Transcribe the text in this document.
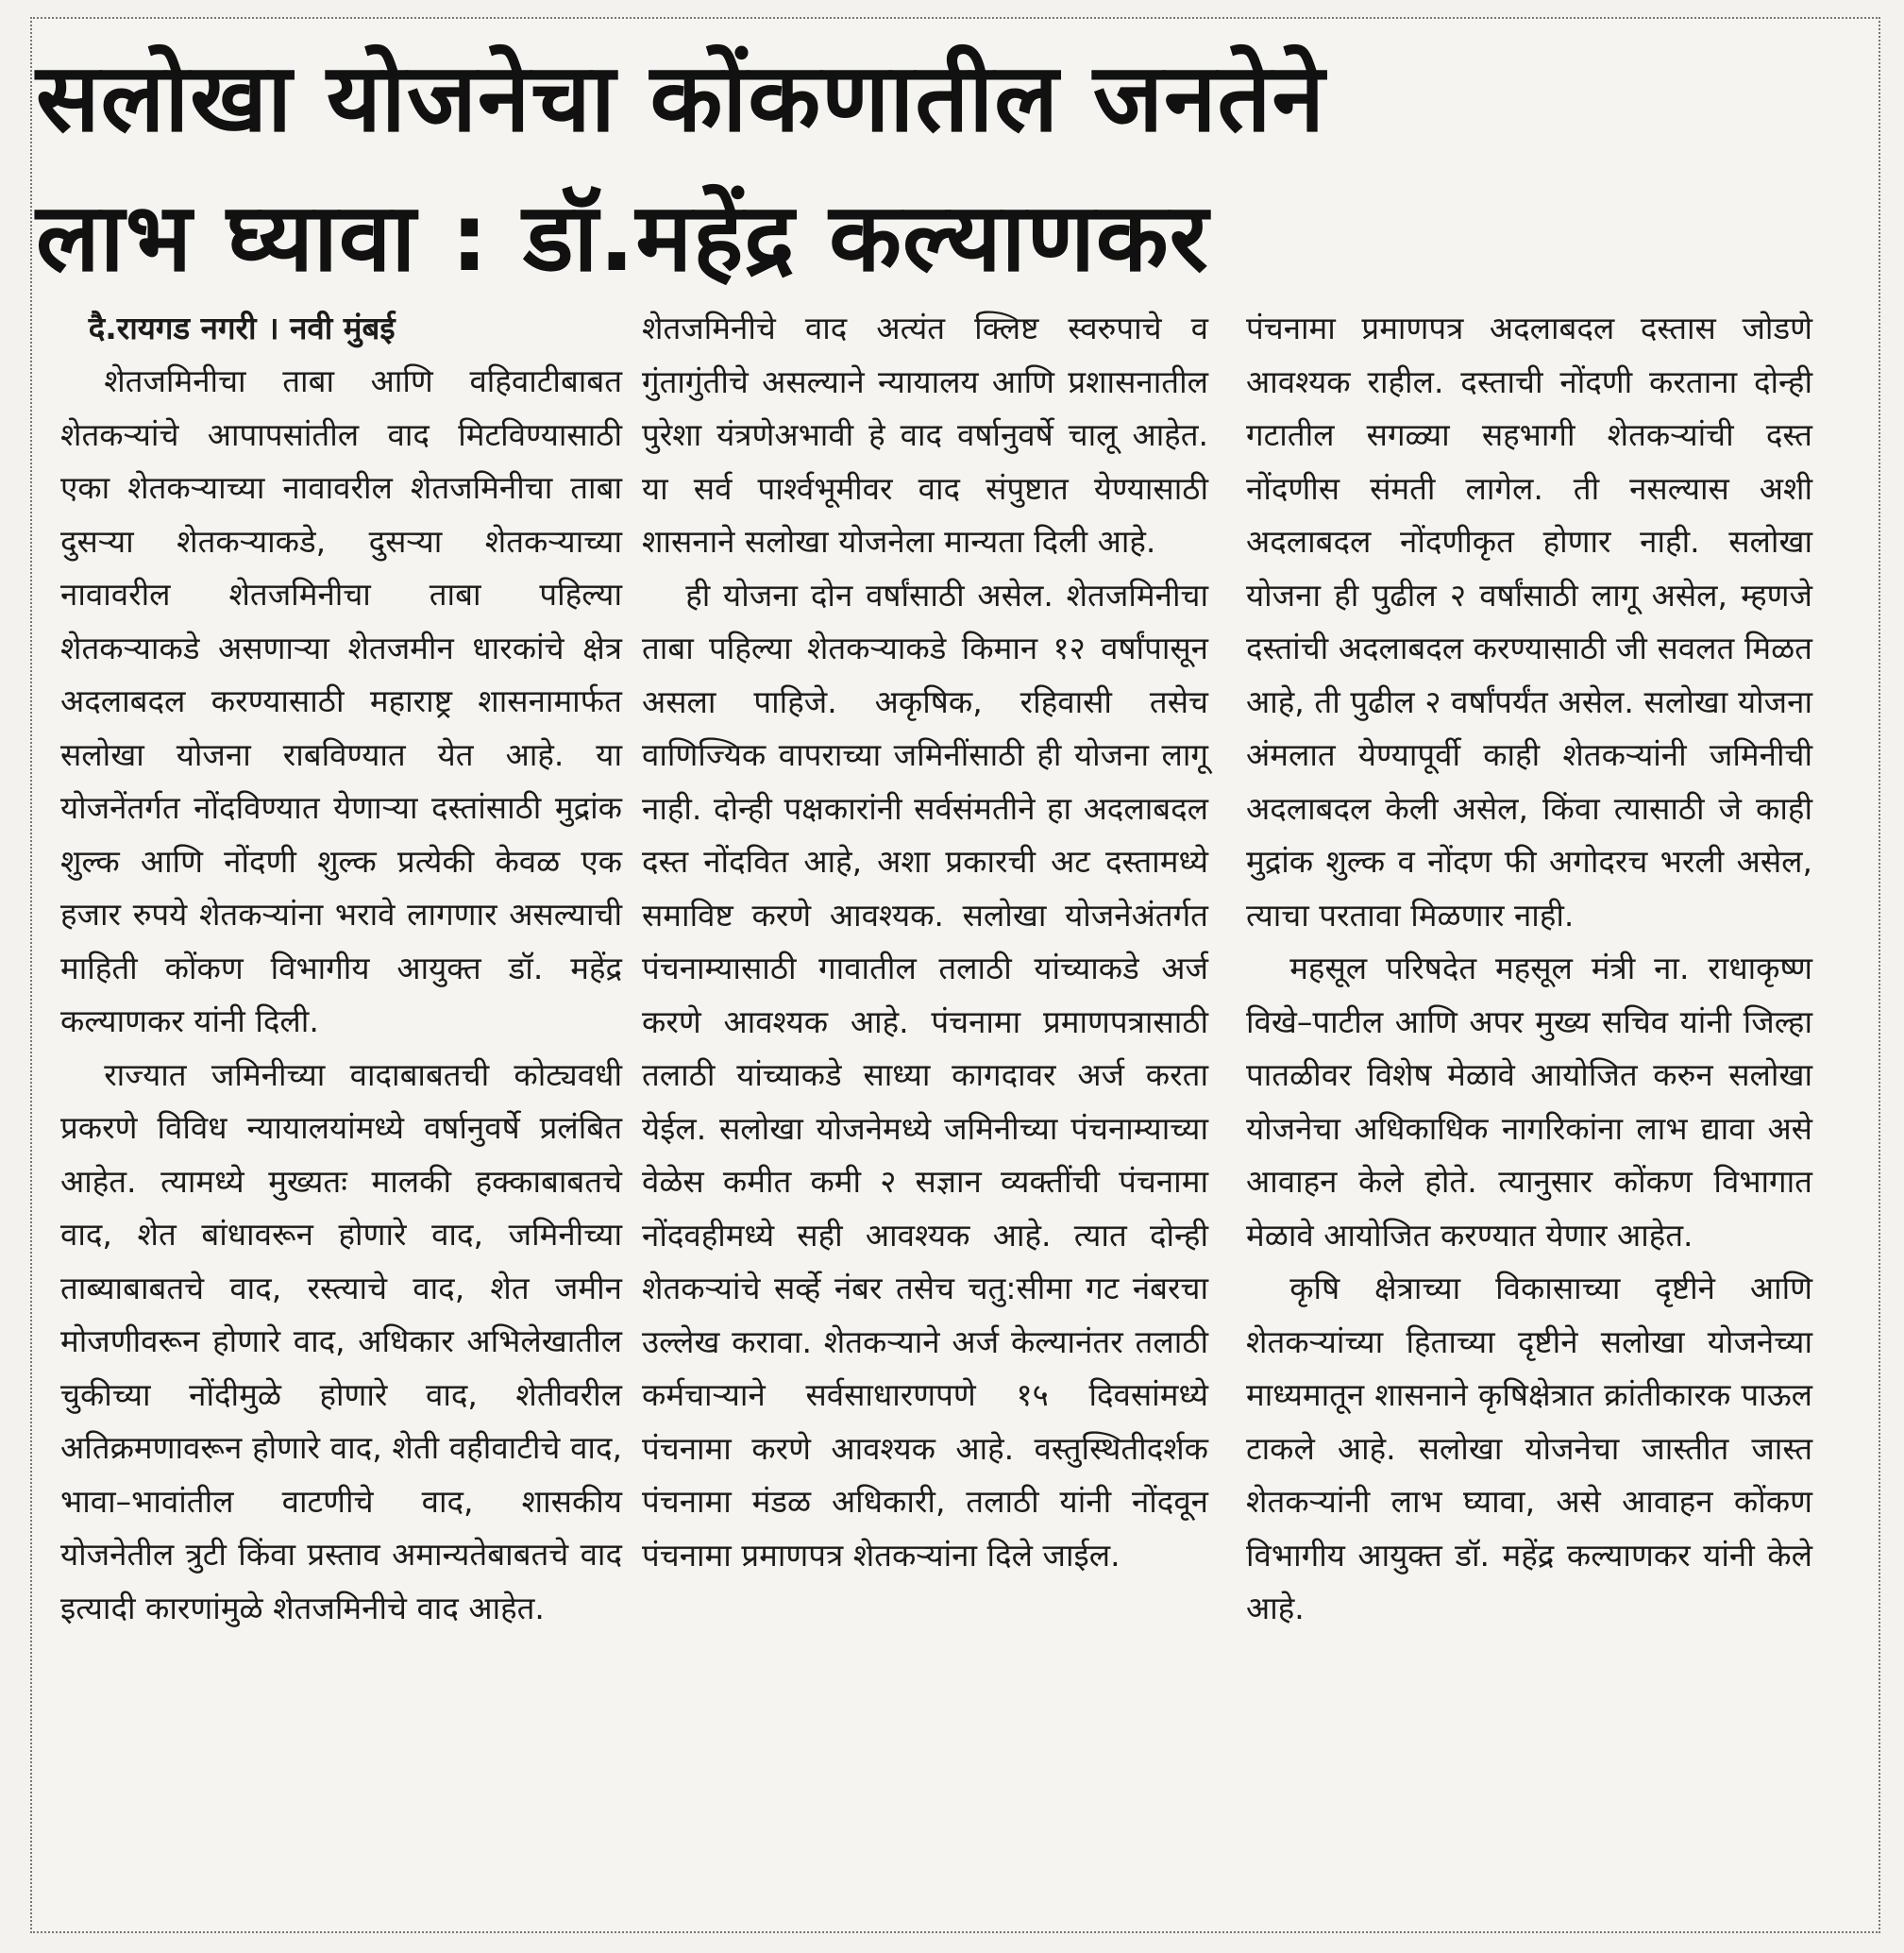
सलोखा योजनेचा कोंकणातील जनतेने
लाभ घ्यावा : डॉ.महेंद्र कल्याणकर
दै.रायगड नगरी । नवी मुंबई

शेतजमिनीचा ताबा आणि वहिवाटीबाबत शेतकऱ्यांचे आपापसांतील वाद मिटविण्यासाठी एका शेतकऱ्याच्या नावावरील शेतजमिनीचा ताबा दुसऱ्या शेतकऱ्याकडे, दुसऱ्या शेतकऱ्याच्या नावावरील शेतजमिनीचा ताबा पहिल्या शेतकऱ्याकडे असणाऱ्या शेतजमीन धारकांचे क्षेत्र अदलाबदल करण्यासाठी महाराष्ट्र शासनामार्फत सलोखा योजना राबविण्यात येत आहे. या योजनेंतर्गत नोंदविण्यात येणाऱ्या दस्तांसाठी मुद्रांक शुल्क आणि नोंदणी शुल्क प्रत्येकी केवळ एक हजार रुपये शेतकऱ्यांना भरावे लागणार असल्याची माहिती कोंकण विभागीय आयुक्त डॉ. महेंद्र कल्याणकर यांनी दिली.

राज्यात जमिनीच्या वादाबाबतची कोट्यवधी प्रकरणे विविध न्यायालयांमध्ये वर्षानुवर्षे प्रलंबित आहेत. त्यामध्ये मुख्यतः मालकी हक्काबाबतचे वाद, शेत बांधावरून होणारे वाद, जमिनीच्या ताब्याबाबतचे वाद, रस्त्याचे वाद, शेत जमीन मोजणीवरून होणारे वाद, अधिकार अभिलेखातील चुकीच्या नोंदीमुळे होणारे वाद, शेतीवरील अतिक्रमणावरून होणारे वाद, शेती वहीवाटीचे वाद, भावा–भावांतील वाटणीचे वाद, शासकीय योजनेतील त्रुटी किंवा प्रस्ताव अमान्यतेबाबतचे वाद इत्यादी कारणांमुळे शेतजमिनीचे वाद आहेत.

शेतजमिनीचे वाद अत्यंत क्लिष्ट स्वरुपाचे व गुंतागुंतीचे असल्याने न्यायालय आणि प्रशासनातील पुरेशा यंत्रणेअभावी हे वाद वर्षानुवर्षे चालू आहेत. या सर्व पार्श्वभूमीवर वाद संपुष्टात येण्यासाठी शासनाने सलोखा योजनेला मान्यता दिली आहे.

ही योजना दोन वर्षांसाठी असेल. शेतजमिनीचा ताबा पहिल्या शेतकऱ्याकडे किमान १२ वर्षांपासून असला पाहिजे. अकृषिक, रहिवासी तसेच वाणिज्यिक वापराच्या जमिनींसाठी ही योजना लागू नाही. दोन्ही पक्षकारांनी सर्वसंमतीने हा अदलाबदल दस्त नोंदवित आहे, अशा प्रकारची अट दस्तामध्ये समाविष्ट करणे आवश्यक. सलोखा योजनेअंतर्गत पंचनाम्यासाठी गावातील तलाठी यांच्याकडे अर्ज करणे आवश्यक आहे. पंचनामा प्रमाणपत्रासाठी तलाठी यांच्याकडे साध्या कागदावर अर्ज करता येईल. सलोखा योजनेमध्ये जमिनीच्या पंचनाम्याच्या वेळेस कमीत कमी २ सज्ञान व्यक्तींची पंचनामा नोंदवहीमध्ये सही आवश्यक आहे. त्यात दोन्ही शेतकऱ्यांचे सर्व्हे नंबर तसेच चतु:सीमा गट नंबरचा उल्लेख करावा. शेतकऱ्याने अर्ज केल्यानंतर तलाठी कर्मचाऱ्याने सर्वसाधारणपणे १५ दिवसांमध्ये पंचनामा करणे आवश्यक आहे. वस्तुस्थितीदर्शक पंचनामा मंडळ अधिकारी, तलाठी यांनी नोंदवून पंचनामा प्रमाणपत्र शेतकऱ्यांना दिले जाईल.

पंचनामा प्रमाणपत्र अदलाबदल दस्तास जोडणे आवश्यक राहील. दस्ताची नोंदणी करताना दोन्ही गटातील सगळ्या सहभागी शेतकऱ्यांची दस्त नोंदणीस संमती लागेल. ती नसल्यास अशी अदलाबदल नोंदणीकृत होणार नाही. सलोखा योजना ही पुढील २ वर्षांसाठी लागू असेल, म्हणजे दस्तांची अदलाबदल करण्यासाठी जी सवलत मिळत आहे, ती पुढील २ वर्षांपर्यंत असेल. सलोखा योजना अंमलात येण्यापूर्वी काही शेतकऱ्यांनी जमिनीची अदलाबदल केली असेल, किंवा त्यासाठी जे काही मुद्रांक शुल्क व नोंदण फी अगोदरच भरली असेल, त्याचा परतावा मिळणार नाही.

महसूल परिषदेत महसूल मंत्री ना. राधाकृष्ण विखे–पाटील आणि अपर मुख्य सचिव यांनी जिल्हा पातळीवर विशेष मेळावे आयोजित करुन सलोखा योजनेचा अधिकाधिक नागरिकांना लाभ द्यावा असे आवाहन केले होते. त्यानुसार कोंकण विभागात मेळावे आयोजित करण्यात येणार आहेत.

कृषि क्षेत्राच्या विकासाच्या दृष्टीने आणि शेतकऱ्यांच्या हिताच्या दृष्टीने सलोखा योजनेच्या माध्यमातून शासनाने कृषिक्षेत्रात क्रांतीकारक पाऊल टाकले आहे. सलोखा योजनेचा जास्तीत जास्त शेतकऱ्यांनी लाभ घ्यावा, असे आवाहन कोंकण विभागीय आयुक्त डॉ. महेंद्र कल्याणकर यांनी केले आहे.
